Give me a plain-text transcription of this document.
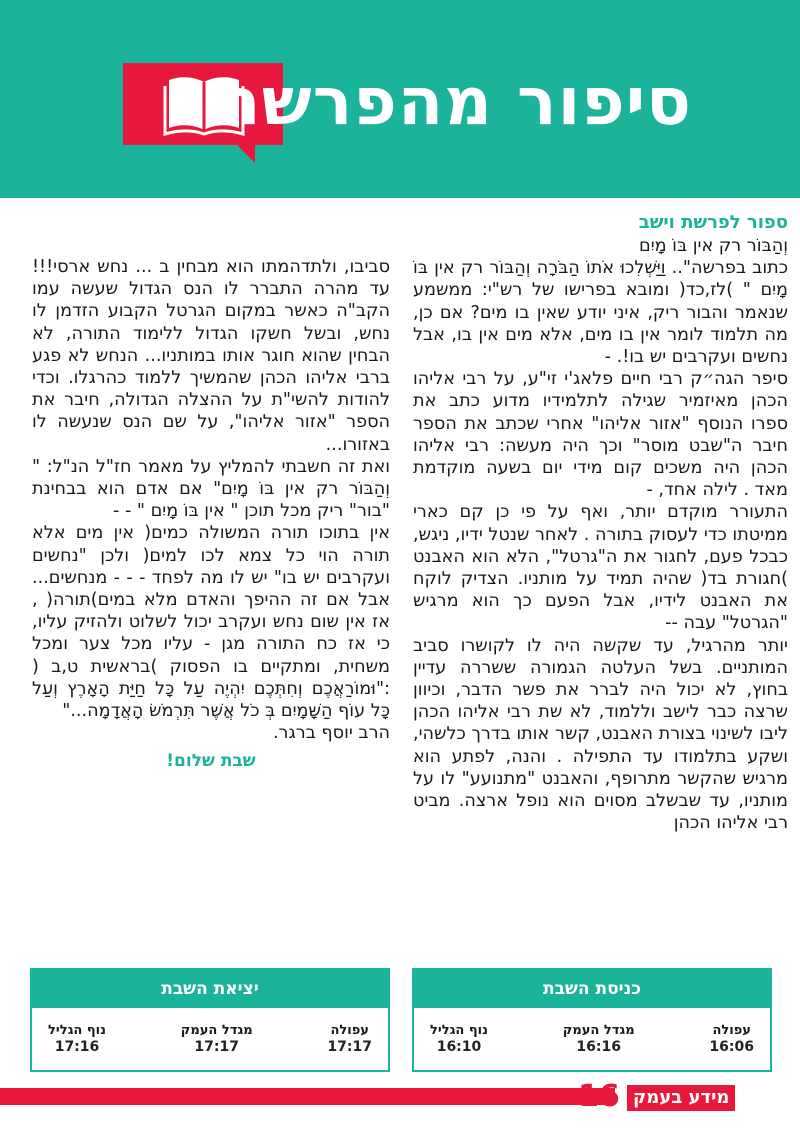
סיפור מהפרשה
ספור לפרשת וישב

וְהַבּוֹר רק אין בּוֹ מָיִם

כתוב בפרשה".. וַיַּשְׁלִכוּ אֹתוֹ הַבֹּרָה וְהַבּוֹר רק אין בּוֹ מָיִם " )לז,כד( ומובא בפרישו של רש"י: ממשמע שנאמר והבור ריק, איני יודע שאין בו מים? אם כן, מה תלמוד לומר אין בו מים, אלא מים אין בו, אבל נחשים ועקרבים יש בו!. -

סיפר הגה״ק רבי חיים פלאג'י זי"ע, על רבי אליהו הכהן מאיזמיר שגילה לתלמידיו מדוע כתב את ספרו הנוסף "אזור אליהו" אחרי שכתב את הספר חיבר ה"שבט מוסר" וכך היה מעשה: רבי אליהו הכהן היה משכים קום מידי יום בשעה מוקדמת מאד . לילה אחד, -

התעורר מוקדם יותר, ואף על פי כן קם כארי ממיטתו כדי לעסוק בתורה . לאחר שנטל ידיו, ניגש, כבכל פעם, לחגור את ה"גרטל", הלא הוא האבנט )חגורת בד( שהיה תמיד על מותניו. הצדיק לוקח את האבנט לידיו, אבל הפעם כך הוא מרגיש "הגרטל" עבה --

יותר מהרגיל, עד שקשה היה לו לקושרו סביב המותניים. בשל העלטה הגמורה ששררה עדיין בחוץ, לא יכול היה לברר את פשר הדבר, וכיוון שרצה כבר לישב וללמוד, לא שת רבי אליהו הכהן ליבו לשינוי בצורת האבנט, קשר אותו בדרך כלשהי, ושקע בתלמודו עד התפילה . והנה, לפתע הוא מרגיש שהקשר מתרופף, והאבנט "מתנועע" לו על מותניו, עד שבשלב מסוים הוא נופל ארצה. מביט רבי אליהו הכהן

סביבו, ולתדהמתו הוא מבחין ב ... נחש ארסי!!! עד מהרה התברר לו הנס הגדול שעשה עמו הקב"ה כאשר במקום הגרטל הקבוע הזדמן לו נחש, ובשל חשקו הגדול ללימוד התורה, לא הבחין שהוא חוגר אותו במותניו... הנחש לא פגע ברבי אליהו הכהן שהמשיך ללמוד כהרגלו. וכדי להודות להשי"ת על ההצלה הגדולה, חיבר את הספר "אזור אליהו", על שם הנס שנעשה לו באזורו...

ואת זה חשבתי להמליץ על מאמר חז"ל הנ"ל: " וְהַבּוֹר רק אין בּוֹ מָיִם" אם אדם הוא בבחינת "בור" ריק מכל תוכן " אין בּוֹ מָיִם " - -

אין בתוכו תורה המשולה כמים( אין מים אלא תורה הוי כל צמא לכו למים( ולכן "נחשים ועקרבים יש בו" יש לו מה לפחד - - - מנחשים... אבל אם זה ההיפך והאדם מלא במים)תורה( , אז אין שום נחש ועקרב יכול לשלוט ולהזיק עליו, כי אז כח התורה מגן - עליו מכל צער ומכל משחית, ומתקיים בו הפסוק )בראשית ט,ב ( :"וּמוֹרַאֲכֶם וְחִתְּכֶם יִהְיֶה עַל כָּל חַיַּת הָאָרֶץ וְעַל כָּל עוֹף הַשָּׁמָיִם בְּ כֹל אֲשֶׁר תִּרְמֹשׂ הָאֲדָמָה..."

הרב יוסף ברגר.

שבת שלום!
כניסת השבת
עפולה
16:06
מגדל העמק
16:16
נוף הגליל
16:10
יציאת השבת
עפולה
17:17
מגדל העמק
17:17
נוף הגליל
17:16
מידע בעמק
16
